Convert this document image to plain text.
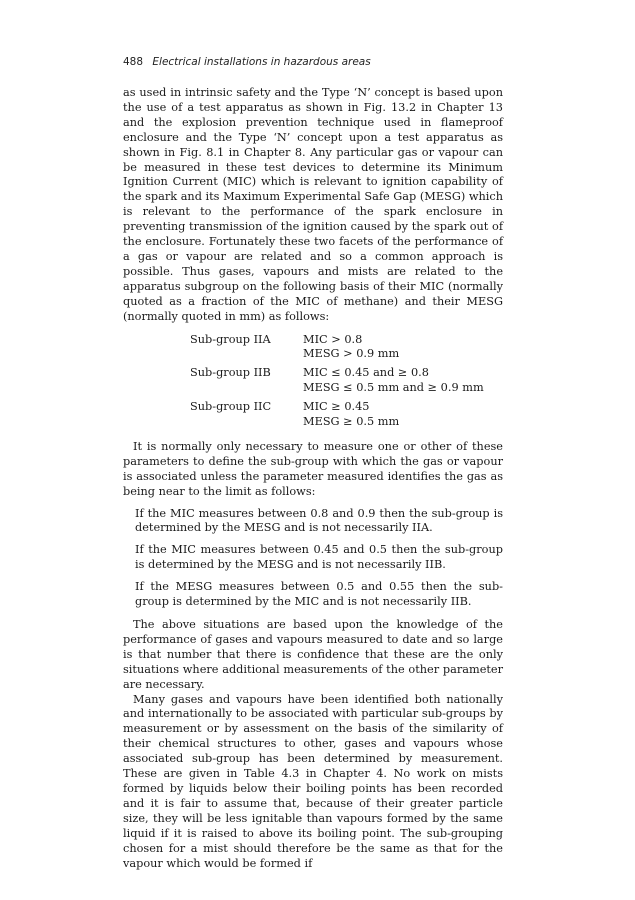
488 Electrical installations in hazardous areas

as used in intrinsic safety and the Type ‘N’ concept is based upon the use of a test apparatus as shown in Fig. 13.2 in Chapter 13 and the explosion prevention technique used in flameproof enclosure and the Type ‘N’ concept upon a test apparatus as shown in Fig. 8.1 in Chapter 8. Any particular gas or vapour can be measured in these test devices to determine its Minimum Ignition Current (MIC) which is relevant to ignition capability of the spark and its Maximum Experimental Safe Gap (MESG) which is relevant to the performance of the spark enclosure in preventing transmission of the ignition caused by the spark out of the enclosure. Fortunately these two facets of the performance of a gas or vapour are related and so a common approach is possible. Thus gases, vapours and mists are related to the apparatus subgroup on the following basis of their MIC (normally quoted as a fraction of the MIC of methane) and their MESG (normally quoted in mm) as follows:

Sub-group IIA	MIC > 0.8
	MESG > 0.9 mm

Sub-group IIB	MIC ≤ 0.45 and ≥ 0.8
	MESG ≤ 0.5 mm and ≥ 0.9 mm

Sub-group IIC	MIC ≥ 0.45
	MESG ≥ 0.5 mm

It is normally only necessary to measure one or other of these parameters to define the sub-group with which the gas or vapour is associated unless the parameter measured identifies the gas as being near to the limit as follows:

If the MIC measures between 0.8 and 0.9 then the sub-group is determined by the MESG and is not necessarily IIA.

If the MIC measures between 0.45 and 0.5 then the sub-group is determined by the MESG and is not necessarily IIB.

If the MESG measures between 0.5 and 0.55 then the sub-group is determined by the MIC and is not necessarily IIB.

The above situations are based upon the knowledge of the performance of gases and vapours measured to date and so large is that number that there is confidence that these are the only situations where additional measurements of the other parameter are necessary.

Many gases and vapours have been identified both nationally and internationally to be associated with particular sub-groups by measurement or by assessment on the basis of the similarity of their chemical structures to other, gases and vapours whose associated sub-group has been determined by measurement. These are given in Table 4.3 in Chapter 4. No work on mists formed by liquids below their boiling points has been recorded and it is fair to assume that, because of their greater particle size, they will be less ignitable than vapours formed by the same liquid if it is raised to above its boiling point. The sub-grouping chosen for a mist should therefore be the same as that for the vapour which would be formed if
